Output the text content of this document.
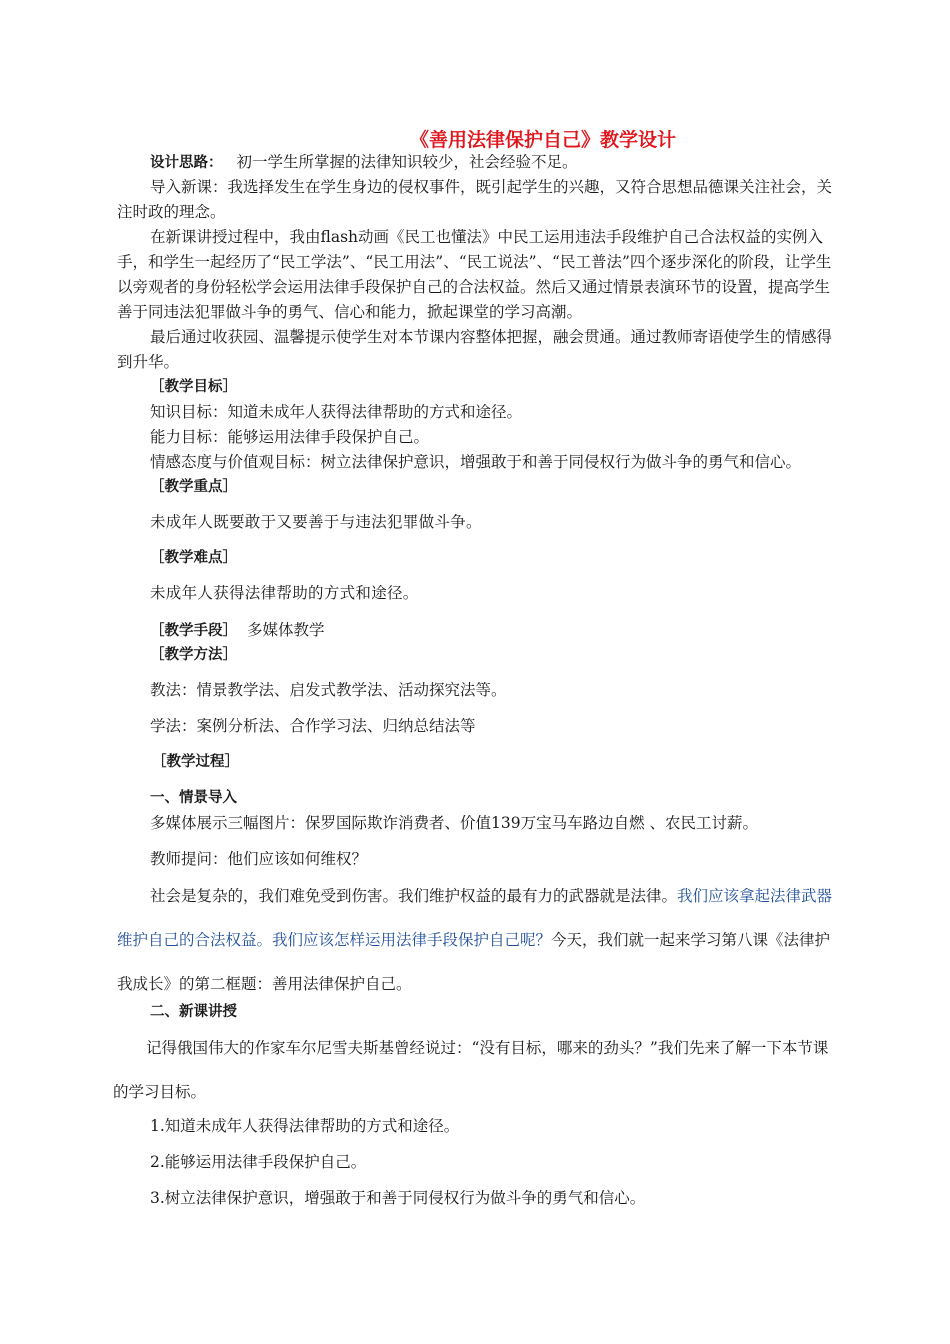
《善用法律保护自己》教学设计
设计思路： 初一学生所掌握的法律知识较少，社会经验不足。
导入新课：我选择发生在学生身边的侵权事件，既引起学生的兴趣，又符合思想品德课关注社会，关注时政的理念。
在新课讲授过程中，我由flash动画《民工也懂法》中民工运用违法手段维护自己合法权益的实例入手，和学生一起经历了“民工学法”、“民工用法”、“民工说法”、“民工普法”四个逐步深化的阶段，让学生以旁观者的身份轻松学会运用法律手段保护自己的合法权益。然后又通过情景表演环节的设置，提高学生善于同违法犯罪做斗争的勇气、信心和能力，掀起课堂的学习高潮。
最后通过收获园、温馨提示使学生对本节课内容整体把握，融会贯通。通过教师寄语使学生的情感得到升华。
［教学目标］
知识目标：知道未成年人获得法律帮助的方式和途径。
能力目标：能够运用法律手段保护自己。
情感态度与价值观目标：树立法律保护意识，增强敢于和善于同侵权行为做斗争的勇气和信心。
［教学重点］
未成年人既要敢于又要善于与违法犯罪做斗争。
［教学难点］
未成年人获得法律帮助的方式和途径。
［教学手段］ 多媒体教学
［教学方法］
教法：情景教学法、启发式教学法、活动探究法等。
学法：案例分析法、合作学习法、归纳总结法等
［教学过程］
一、情景导入
多媒体展示三幅图片：保罗国际欺诈消费者、价值139万宝马车路边自燃 、农民工讨薪。
教师提问：他们应该如何维权？
社会是复杂的，我们难免受到伤害。我们维护权益的最有力的武器就是法律。我们应该拿起法律武器维护自己的合法权益。我们应该怎样运用法律手段保护自己呢？今天，我们就一起来学习第八课《法律护我成长》的第二框题：善用法律保护自己。
二、新课讲授
记得俄国伟大的作家车尔尼雪夫斯基曾经说过：“没有目标，哪来的劲头？”我们先来了解一下本节课的学习目标。
1.知道未成年人获得法律帮助的方式和途径。
2.能够运用法律手段保护自己。
3.树立法律保护意识，增强敢于和善于同侵权行为做斗争的勇气和信心。
